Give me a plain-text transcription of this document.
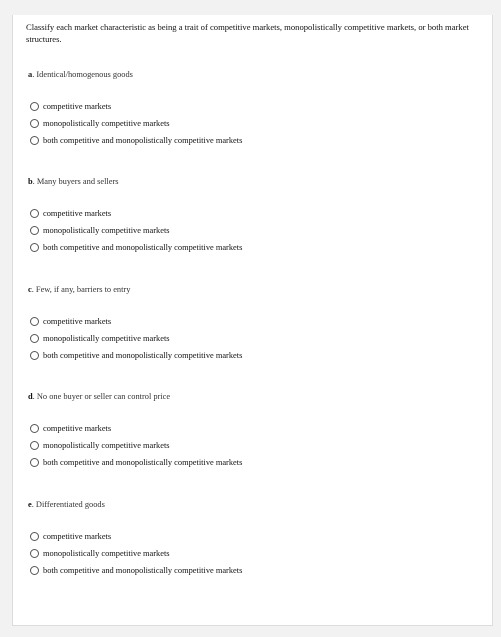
Classify each market characteristic as being a trait of competitive markets, monopolistically competitive markets, or both market structures.
a. Identical/homogenous goods
competitive markets
monopolistically competitive markets
both competitive and monopolistically competitive markets
b. Many buyers and sellers
competitive markets
monopolistically competitive markets
both competitive and monopolistically competitive markets
c. Few, if any, barriers to entry
competitive markets
monopolistically competitive markets
both competitive and monopolistically competitive markets
d. No one buyer or seller can control price
competitive markets
monopolistically competitive markets
both competitive and monopolistically competitive markets
e. Differentiated goods
competitive markets
monopolistically competitive markets
both competitive and monopolistically competitive markets
